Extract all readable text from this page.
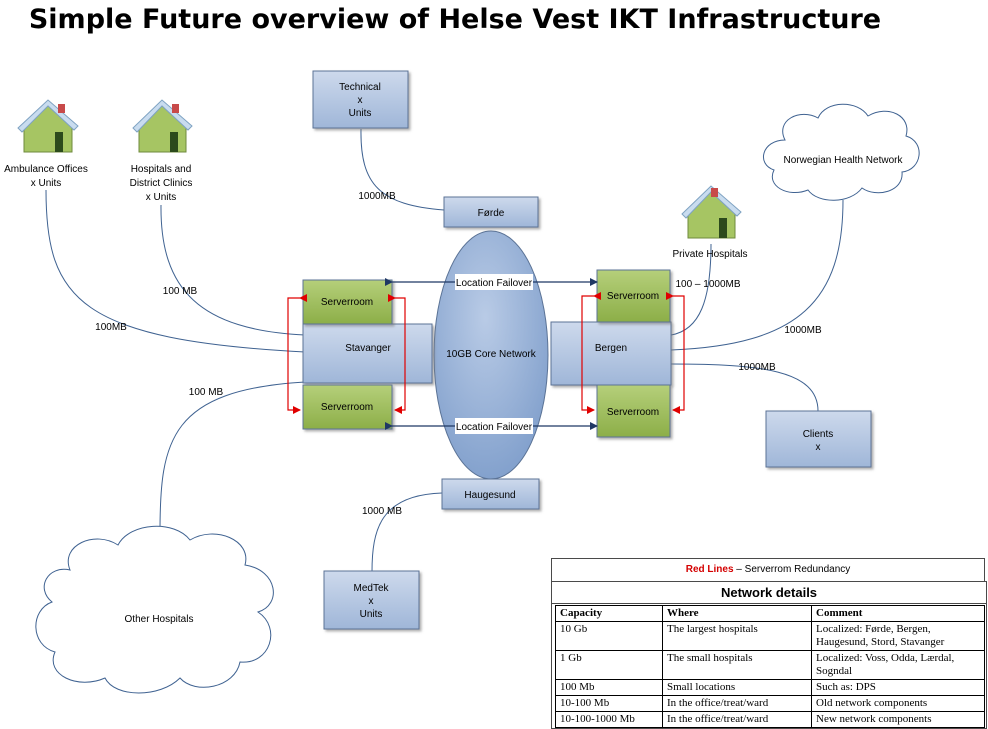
Simple Future overview of Helse Vest IKT Infrastructure
Technical
x
Units
Førde
10GB Core Network
Haugesund
MedTek
x
Units
Stavanger	Bergen
Serverroom
Serverroom
Serverroom
Serverroom
Clients
x
Ambulance Offices
x Units
Hospitals and
District Clinics
x Units
Private Hospitals
Norwegian Health Network
Other Hospitals
Location Failover
Location Failover
1000MB
100MB
100 MB
100 MB
100 – 1000MB
1000MB
1000MB
1000 MB
Red Lines – Serverrom Redundancy
Network details
Capacity	Where	Comment
10 Gb	The largest hospitals	Localized: Førde, Bergen, Haugesund, Stord, Stavanger
1 Gb	The small hospitals	Localized: Voss, Odda, Lærdal, Sogndal
100 Mb	Small locations	Such as: DPS
10-100 Mb	In the office/treat/ward	Old network components
10-100-1000 Mb	In the office/treat/ward	New network components
